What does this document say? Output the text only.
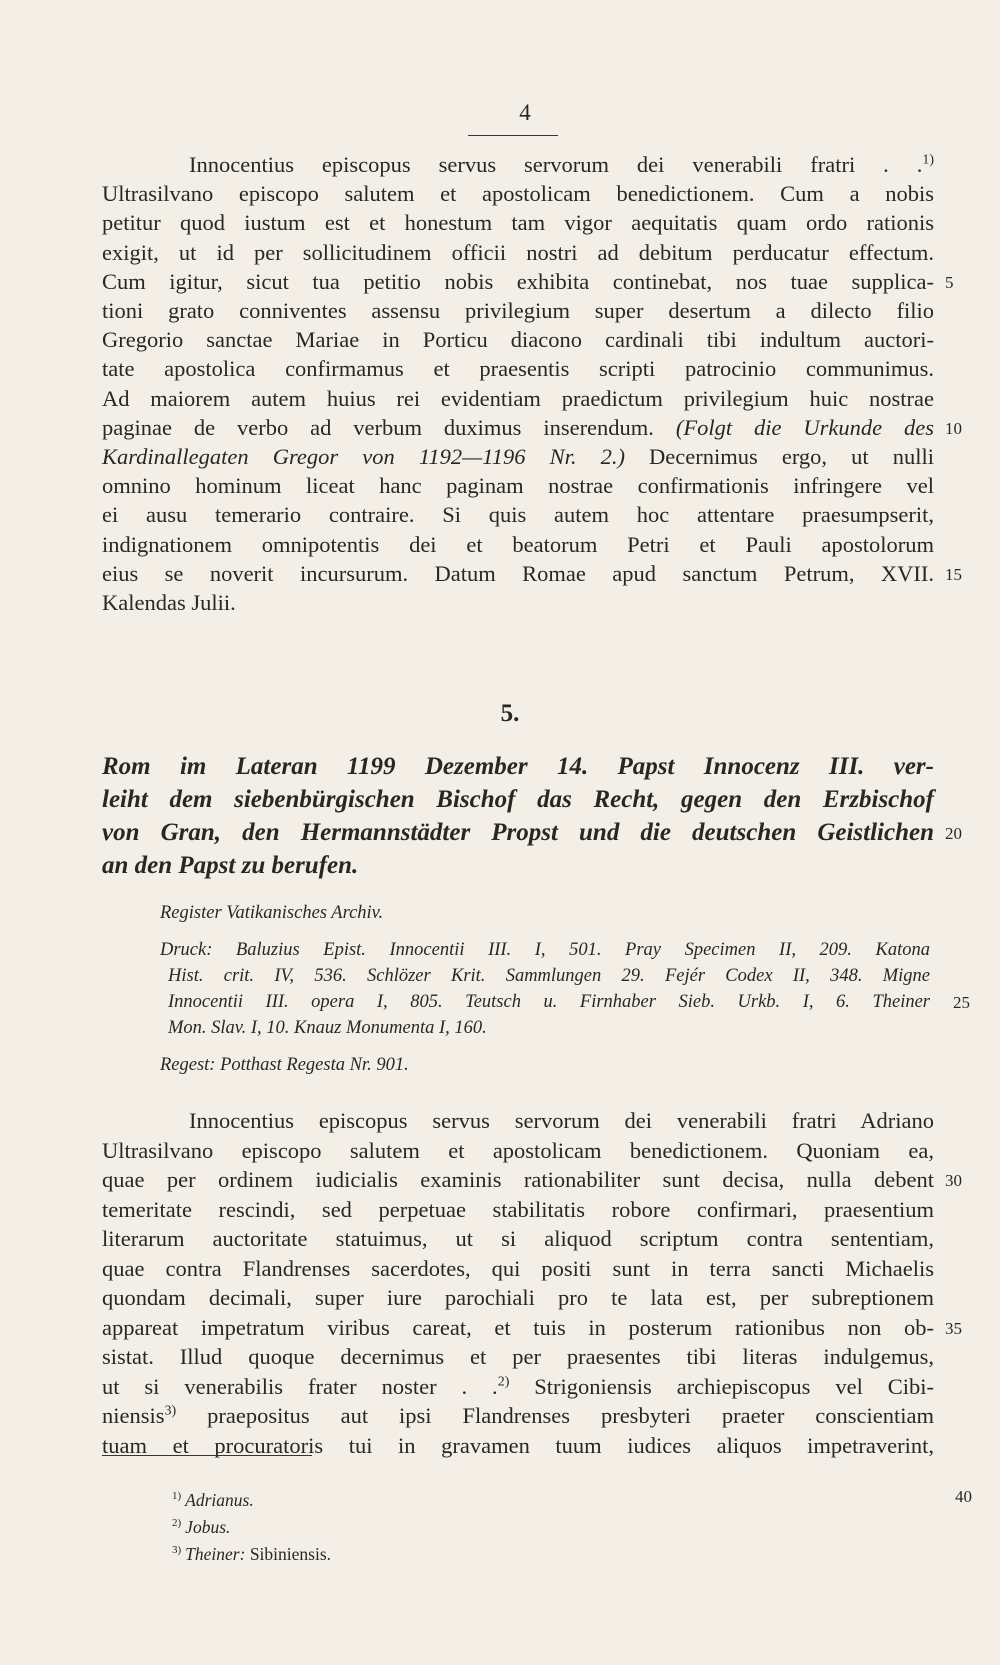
4
Innocentius episcopus servus servorum dei venerabili fratri . .$^{1)}$
Ultrasilvano episcopo salutem et apostolicam benedictionem. Cum a nobis
petitur quod iustum est et honestum tam vigor aequitatis quam ordo rationis
exigit, ut id per sollicitudinem officii nostri ad debitum perducatur effectum.
Cum igitur, sicut tua petitio nobis exhibita continebat, nos tuae supplica- 5
tioni grato conniventes assensu privilegium super desertum a dilecto filio
Gregorio sanctae Mariae in Porticu diacono cardinali tibi indultum auctori-
tate apostolica confirmamus et praesentis scripti patrocinio communimus.
Ad maiorem autem huius rei evidentiam praedictum privilegium huic nostrae
paginae de verbo ad verbum duximus inserendum. (Folgt die Urkunde des 10
Kardinallegaten Gregor von 1192—1196 Nr. 2.) Decernimus ergo, ut nulli
omnino hominum liceat hanc paginam nostrae confirmationis infringere vel
ei ausu temerario contraire. Si quis autem hoc attentare praesumpserit,
indignationem omnipotentis dei et beatorum Petri et Pauli apostolorum
eius se noverit incursurum. Datum Romae apud sanctum Petrum, XVII. 15
Kalendas Julii.
5.
Rom im Lateran 1199 Dezember 14. Papst Innocenz III. ver-
leiht dem siebenbürgischen Bischof das Recht, gegen den Erzbischof
von Gran, den Hermannstädter Propst und die deutschen Geistlichen 20
an den Papst zu berufen.
Register Vatikanisches Archiv.
Druck: Baluzius Epist. Innocentii III. I, 501. Pray Specimen II, 209. Katona
Hist. crit. IV, 536. Schlözer Krit. Sammlungen 29. Fejér Codex II, 348. Migne
Innocentii III. opera I, 805. Teutsch u. Firnhaber Sieb. Urkb. I, 6. Theiner 25
Mon. Slav. I, 10. Knauz Monumenta I, 160.
Regest: Potthast Regesta Nr. 901.
Innocentius episcopus servus servorum dei venerabili fratri Adriano
Ultrasilvano episcopo salutem et apostolicam benedictionem. Quoniam ea,
quae per ordinem iudicialis examinis rationabiliter sunt decisa, nulla debent 30
temeritate rescindi, sed perpetuae stabilitatis robore confirmari, praesentium
literarum auctoritate statuimus, ut si aliquod scriptum contra sententiam,
quae contra Flandrenses sacerdotes, qui positi sunt in terra sancti Michaelis
quondam decimali, super iure parochiali pro te lata est, per subreptionem
appareat impetratum viribus careat, et tuis in posterum rationibus non ob- 35
sistat. Illud quoque decernimus et per praesentes tibi literas indulgemus,
ut si venerabilis frater noster . .$^{2)}$ Strigoniensis archiepiscopus vel Cibi-
niensis$^{3)}$ praepositus aut ipsi Flandrenses presbyteri praeter conscientiam
tuam et procuratoris tui in gravamen tuum iudices aliquos impetraverint,
$^{1)}$ Adrianus.	40
$^{2)}$ Jobus.
$^{3)}$ Theiner: Sibiniensis.
